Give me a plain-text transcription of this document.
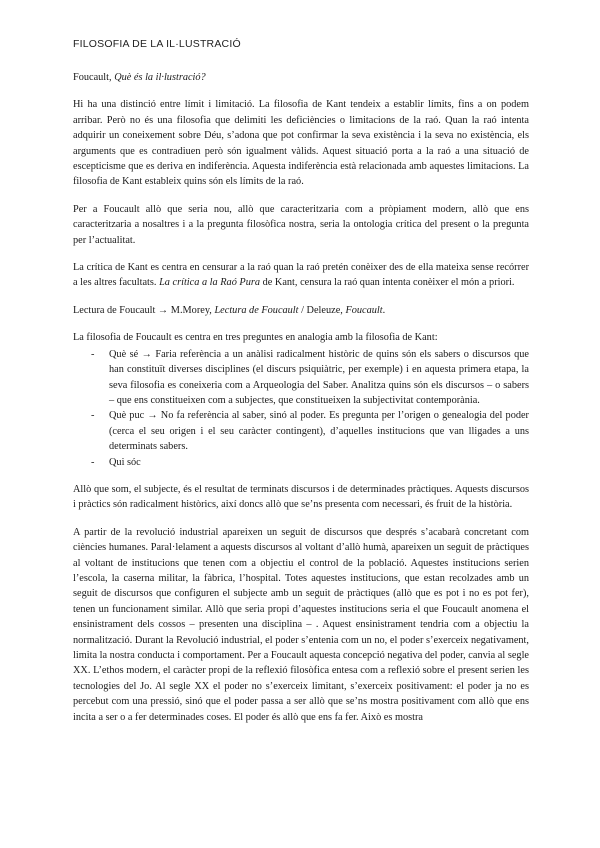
FILOSOFIA DE LA IL·LUSTRACIÓ

Foucault, Què és la il·lustració?

Hi ha una distinció entre límit i limitació. La filosofia de Kant tendeix a establir límits, fins a on podem arribar. Però no és una filosofia que delimiti les deficiències o limitacions de la raó. Quan la raó intenta adquirir un coneixement sobre Déu, s’adona que pot confirmar la seva existència i la seva no existència, els arguments que es contradiuen però són igualment vàlids. Aquest situació porta a la raó a una situació de escepticisme que es deriva en indiferència. Aquesta indiferència està relacionada amb aquestes limitacions. La filosofia de Kant estableix quins són els límits de la raó.

Per a Foucault allò que seria nou, allò que caracteritzaria com a pròpiament modern, allò que ens caracteritzaria a nosaltres i a la pregunta filosòfica nostra, seria la ontologia crítica del present o la pregunta per l’actualitat.

La crítica de Kant es centra en censurar a la raó quan la raó pretén conèixer des de ella mateixa sense recórrer a les altres facultats. La crítica a la Raó Pura de Kant, censura la raó quan intenta conèixer el món a priori.

Lectura de Foucault → M.Morey, Lectura de Foucault / Deleuze, Foucault.

La filosofia de Foucault es centra en tres preguntes en analogia amb la filosofia de Kant:

- Què sé → Faria referència a un anàlisi radicalment històric de quins són els sabers o discursos que han constituït diverses disciplines (el discurs psiquiàtric, per exemple) i en aquesta primera etapa, la seva filosofia es coneixeria com a Arqueologia del Saber. Analitza quins són els discursos – o sabers – que ens constitueixen com a subjectes, que constitueixen la subjectivitat contemporània.
- Què puc → No fa referència al saber, sinó al poder. Es pregunta per l’origen o genealogia del poder (cerca el seu origen i el seu caràcter contingent), d’aquelles institucions que van lligades a uns determinats sabers.
- Qui sóc

Allò que som, el subjecte, és el resultat de terminats discursos i de determinades pràctiques. Aquests discursos i pràctics són radicalment històrics, així doncs allò que se’ns presenta com necessari, és fruit de la història.

A partir de la revolució industrial apareixen un seguit de discursos que després s’acabarà concretant com ciències humanes. Paral·lelament a aquests discursos al voltant d’allò humà, apareixen un seguit de pràctiques al voltant de institucions que tenen com a objectiu el control de la població. Aquestes institucions serien l’escola, la caserna militar, la fàbrica, l’hospital. Totes aquestes institucions, que estan recolzades amb un seguit de discursos que configuren el subjecte amb un seguit de pràctiques (allò que es pot i no es pot fer), tenen un funcionament similar. Allò que seria propi d’aquestes institucions seria el que Foucault anomena el ensinistrament dels cossos – presenten una disciplina – . Aquest ensinistrament tendria com a objectiu la normalització. Durant la Revolució industrial, el poder s’entenia com un no, el poder s’exerceix negativament, limita la nostra conducta i comportament. Per a Foucault aquesta concepció negativa del poder, canvia al segle XX. L’ethos modern, el caràcter propi de la reflexió filosòfica entesa com a reflexió sobre el present serien les tecnologies del Jo. Al segle XX el poder no s’exerceix limitant, s’exerceix positivament: el poder ja no es percebut com una pressió, sinó que el poder passa a ser allò que se’ns mostra positivament com allò que ens incita a ser o a fer determinades coses. El poder és allò que ens fa fer. Això es mostra
